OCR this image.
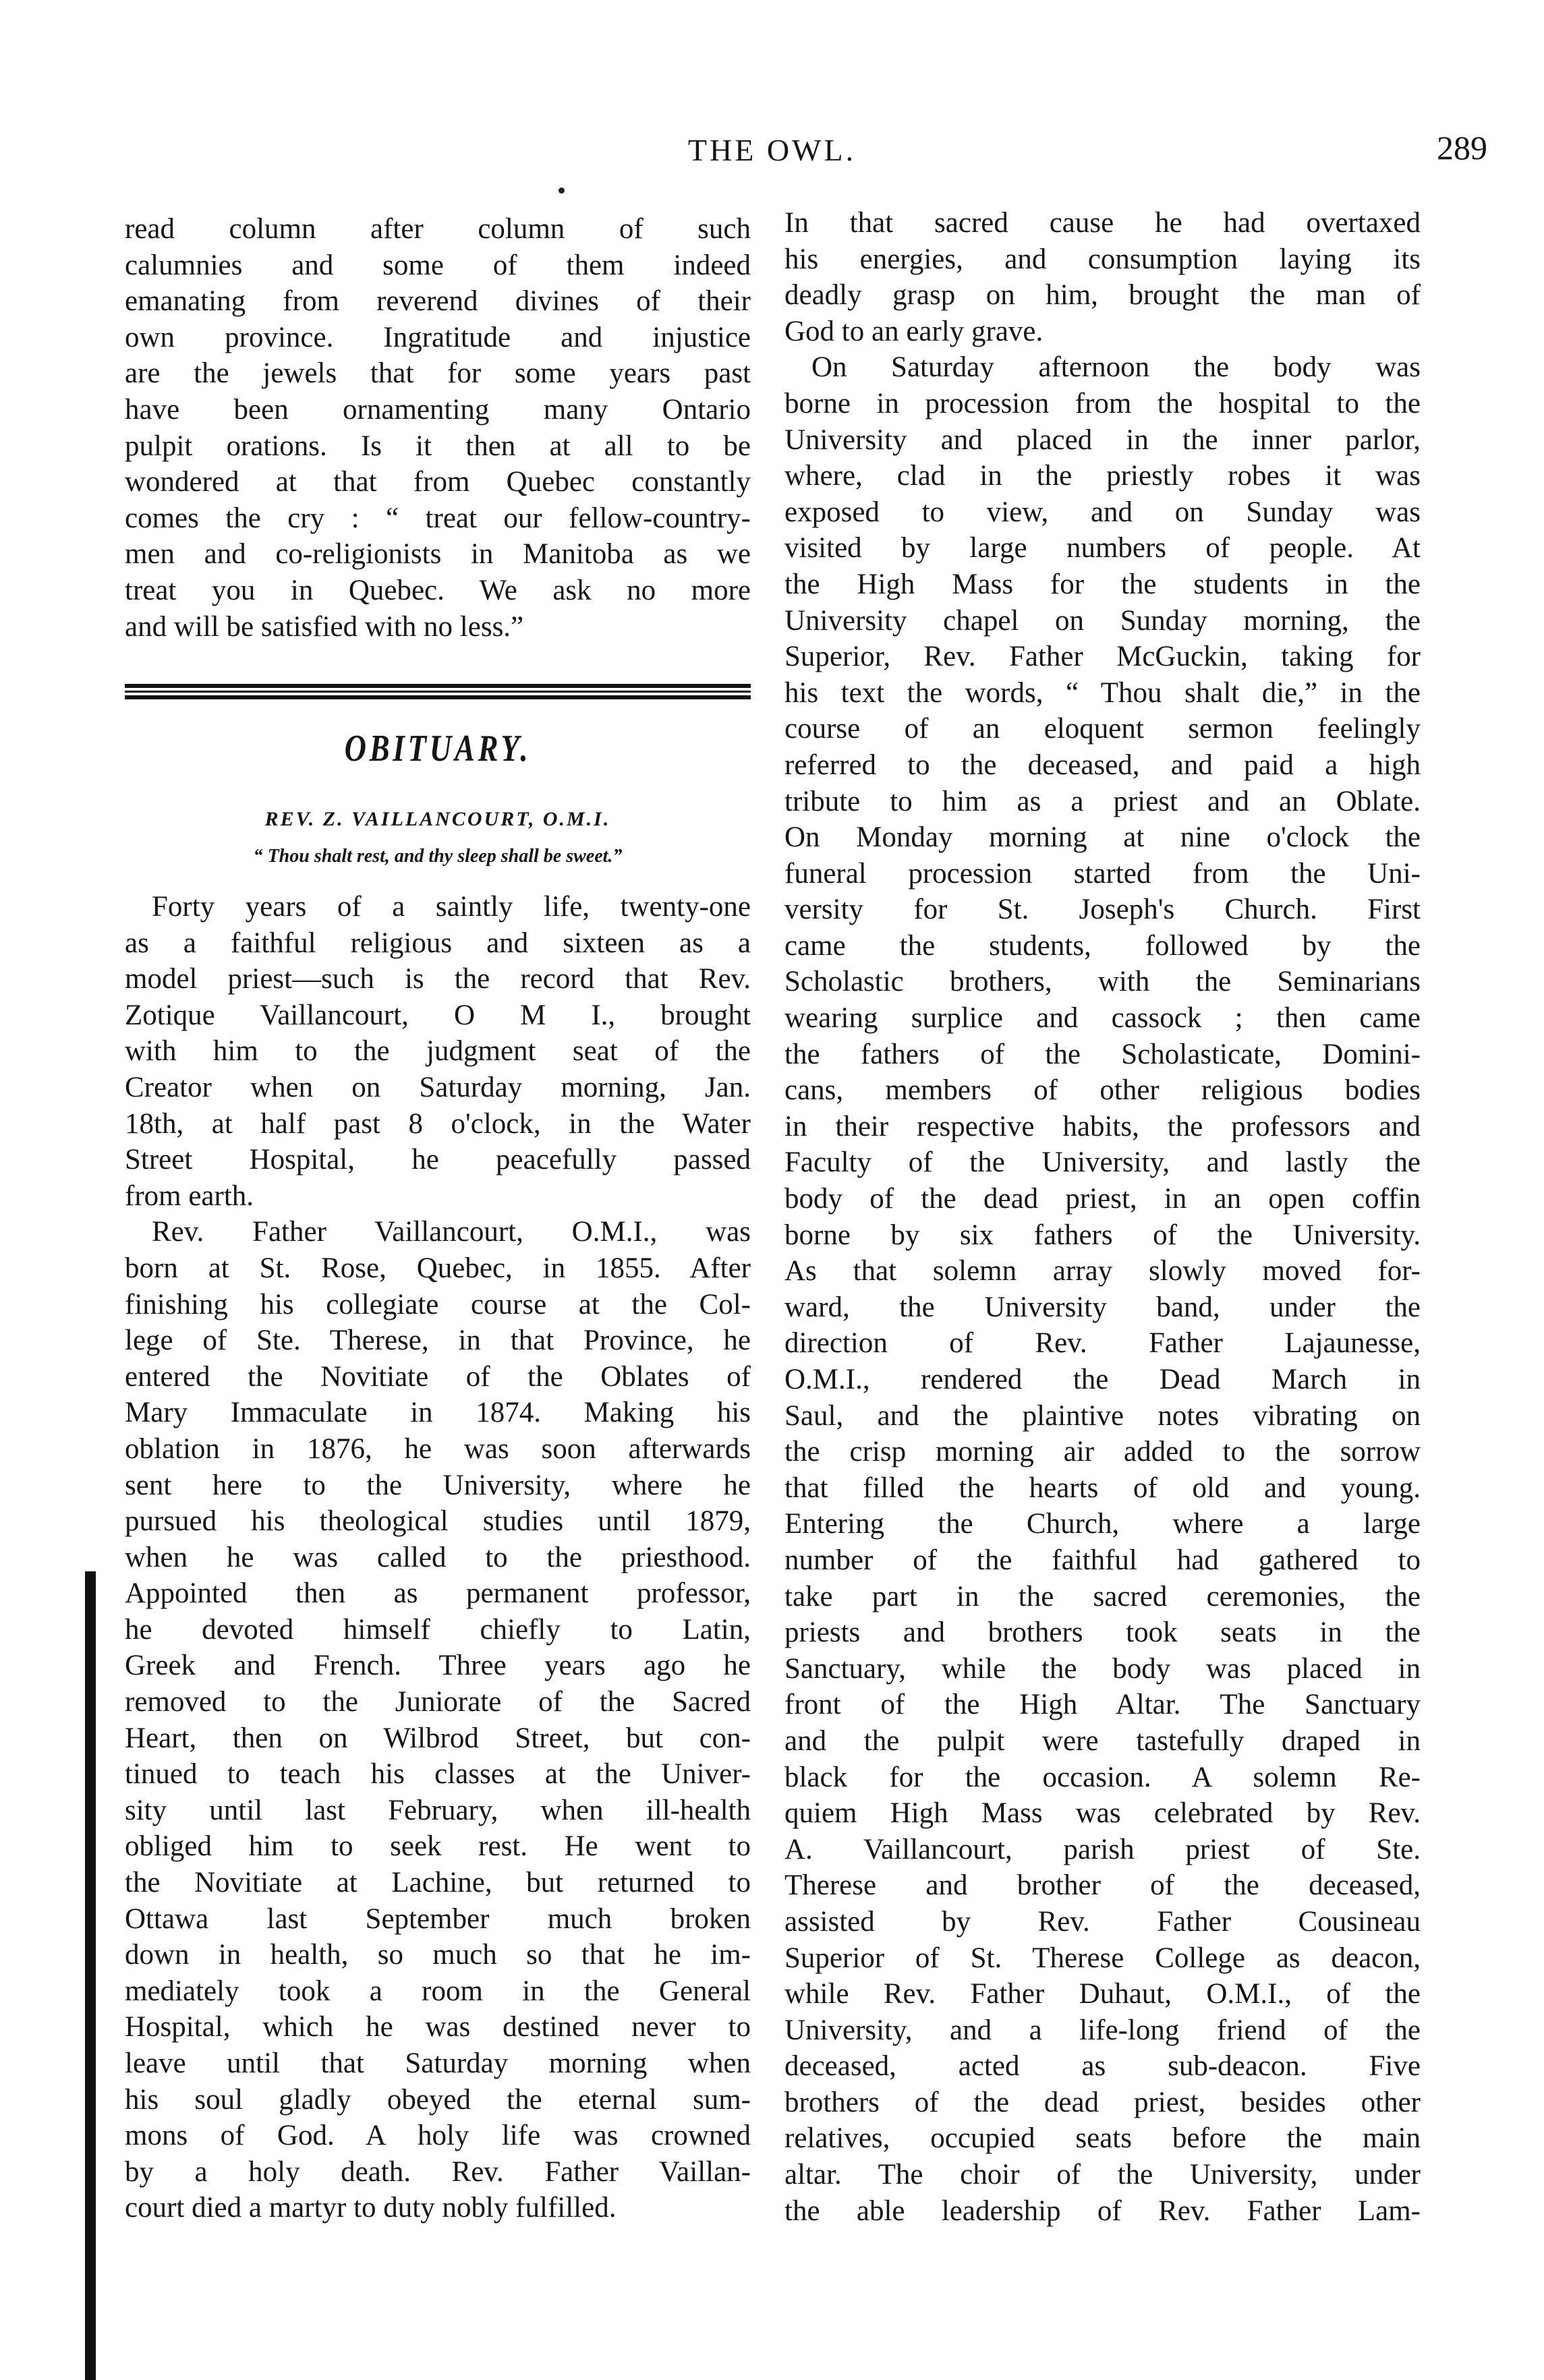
THE OWL.	289
read column after column of such
calumnies and some of them indeed
emanating from reverend divines of their
own province. Ingratitude and injustice
are the jewels that for some years past
have been ornamenting many Ontario
pulpit orations. Is it then at all to be
wondered at that from Quebec constantly
comes the cry : “ treat our fellow-country-
men and co-religionists in Manitoba as we
treat you in Quebec. We ask no more
and will be satisfied with no less.”
OBITUARY.
REV. Z. VAILLANCOURT, O.M.I.
“ Thou shalt rest, and thy sleep shall be sweet.”
Forty years of a saintly life, twenty-one
as a faithful religious and sixteen as a
model priest—such is the record that Rev.
Zotique Vaillancourt, O M I., brought
with him to the judgment seat of the
Creator when on Saturday morning, Jan.
18th, at half past 8 o'clock, in the Water
Street Hospital, he peacefully passed
from earth.
Rev. Father Vaillancourt, O.M.I., was
born at St. Rose, Quebec, in 1855. After
finishing his collegiate course at the Col-
lege of Ste. Therese, in that Province, he
entered the Novitiate of the Oblates of
Mary Immaculate in 1874. Making his
oblation in 1876, he was soon afterwards
sent here to the University, where he
pursued his theological studies until 1879,
when he was called to the priesthood.
Appointed then as permanent professor,
he devoted himself chiefly to Latin,
Greek and French. Three years ago he
removed to the Juniorate of the Sacred
Heart, then on Wilbrod Street, but con-
tinued to teach his classes at the Univer-
sity until last February, when ill-health
obliged him to seek rest. He went to
the Novitiate at Lachine, but returned to
Ottawa last September much broken
down in health, so much so that he im-
mediately took a room in the General
Hospital, which he was destined never to
leave until that Saturday morning when
his soul gladly obeyed the eternal sum-
mons of God. A holy life was crowned
by a holy death. Rev. Father Vaillan-
court died a martyr to duty nobly fulfilled.
In that sacred cause he had overtaxed
his energies, and consumption laying its
deadly grasp on him, brought the man of
God to an early grave.
On Saturday afternoon the body was
borne in procession from the hospital to the
University and placed in the inner parlor,
where, clad in the priestly robes it was
exposed to view, and on Sunday was
visited by large numbers of people. At
the High Mass for the students in the
University chapel on Sunday morning, the
Superior, Rev. Father McGuckin, taking for
his text the words, “ Thou shalt die,” in the
course of an eloquent sermon feelingly
referred to the deceased, and paid a high
tribute to him as a priest and an Oblate.
On Monday morning at nine o'clock the
funeral procession started from the Uni-
versity for St. Joseph's Church. First
came the students, followed by the
Scholastic brothers, with the Seminarians
wearing surplice and cassock ; then came
the fathers of the Scholasticate, Domini-
cans, members of other religious bodies
in their respective habits, the professors and
Faculty of the University, and lastly the
body of the dead priest, in an open coffin
borne by six fathers of the University.
As that solemn array slowly moved for-
ward, the University band, under the
direction of Rev. Father Lajaunesse,
O.M.I., rendered the Dead March in
Saul, and the plaintive notes vibrating on
the crisp morning air added to the sorrow
that filled the hearts of old and young.
Entering the Church, where a large
number of the faithful had gathered to
take part in the sacred ceremonies, the
priests and brothers took seats in the
Sanctuary, while the body was placed in
front of the High Altar. The Sanctuary
and the pulpit were tastefully draped in
black for the occasion. A solemn Re-
quiem High Mass was celebrated by Rev.
A. Vaillancourt, parish priest of Ste.
Therese and brother of the deceased,
assisted by Rev. Father Cousineau
Superior of St. Therese College as deacon,
while Rev. Father Duhaut, O.M.I., of the
University, and a life-long friend of the
deceased, acted as sub-deacon. Five
brothers of the dead priest, besides other
relatives, occupied seats before the main
altar. The choir of the University, under
the able leadership of Rev. Father Lam-
